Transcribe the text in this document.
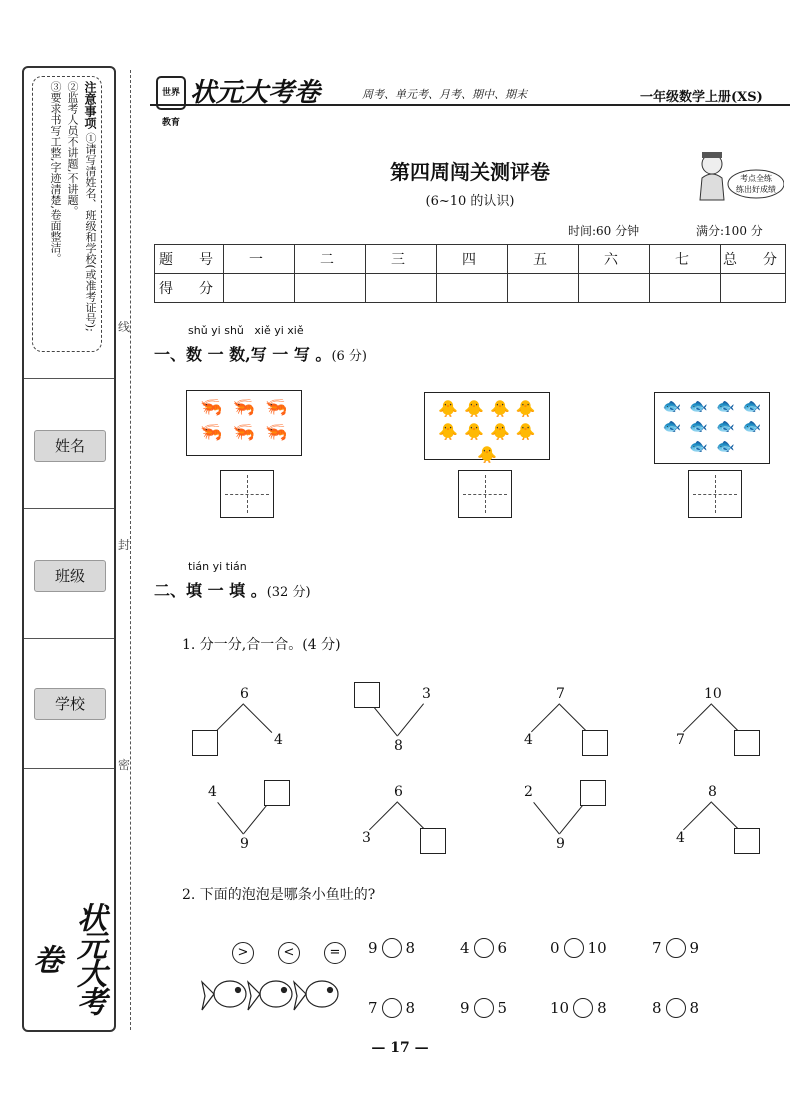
注意事项 ①请写清姓名、班级和学校(或准考证号);
②监考人员不讲题,不讲题。
③要求书写工整,字迹清楚,卷面整洁。
姓名
班级
学校
状元大考卷
线
封
密
世界教育
状元大考卷	周考、单元考、月考、期中、期末	一年级数学上册(XS)
第四周闯关测评卷
(6~10 的认识)
考点全练
练出好成绩
时间:60 分钟	满分:100 分
题　号	一	二	三	四	五	六	七	总　分
得　分								
shǔ yi shǔ   xiě yi xiě
一、数 一 数,写 一 写 。(6 分)
🦐 🦐 🦐
🦐 🦐 🦐
🐥 🐥 🐥 🐥
🐥 🐥 🐥 🐥
🐥
🐟 🐟 🐟 🐟
🐟 🐟 🐟 🐟
🐟 🐟
tián yi tián
二、填 一 填 。(32 分)
1. 分一分,合一合。(4 分)
6
4	8
3	7
4
10
7
9
4	6
3	9
2	8
4
2. 下面的泡泡是哪条小鱼吐的?
>	<	=	9 8	4 6	0 10	7 9
7 8	9 5	10 8	8 8
— 17 —
